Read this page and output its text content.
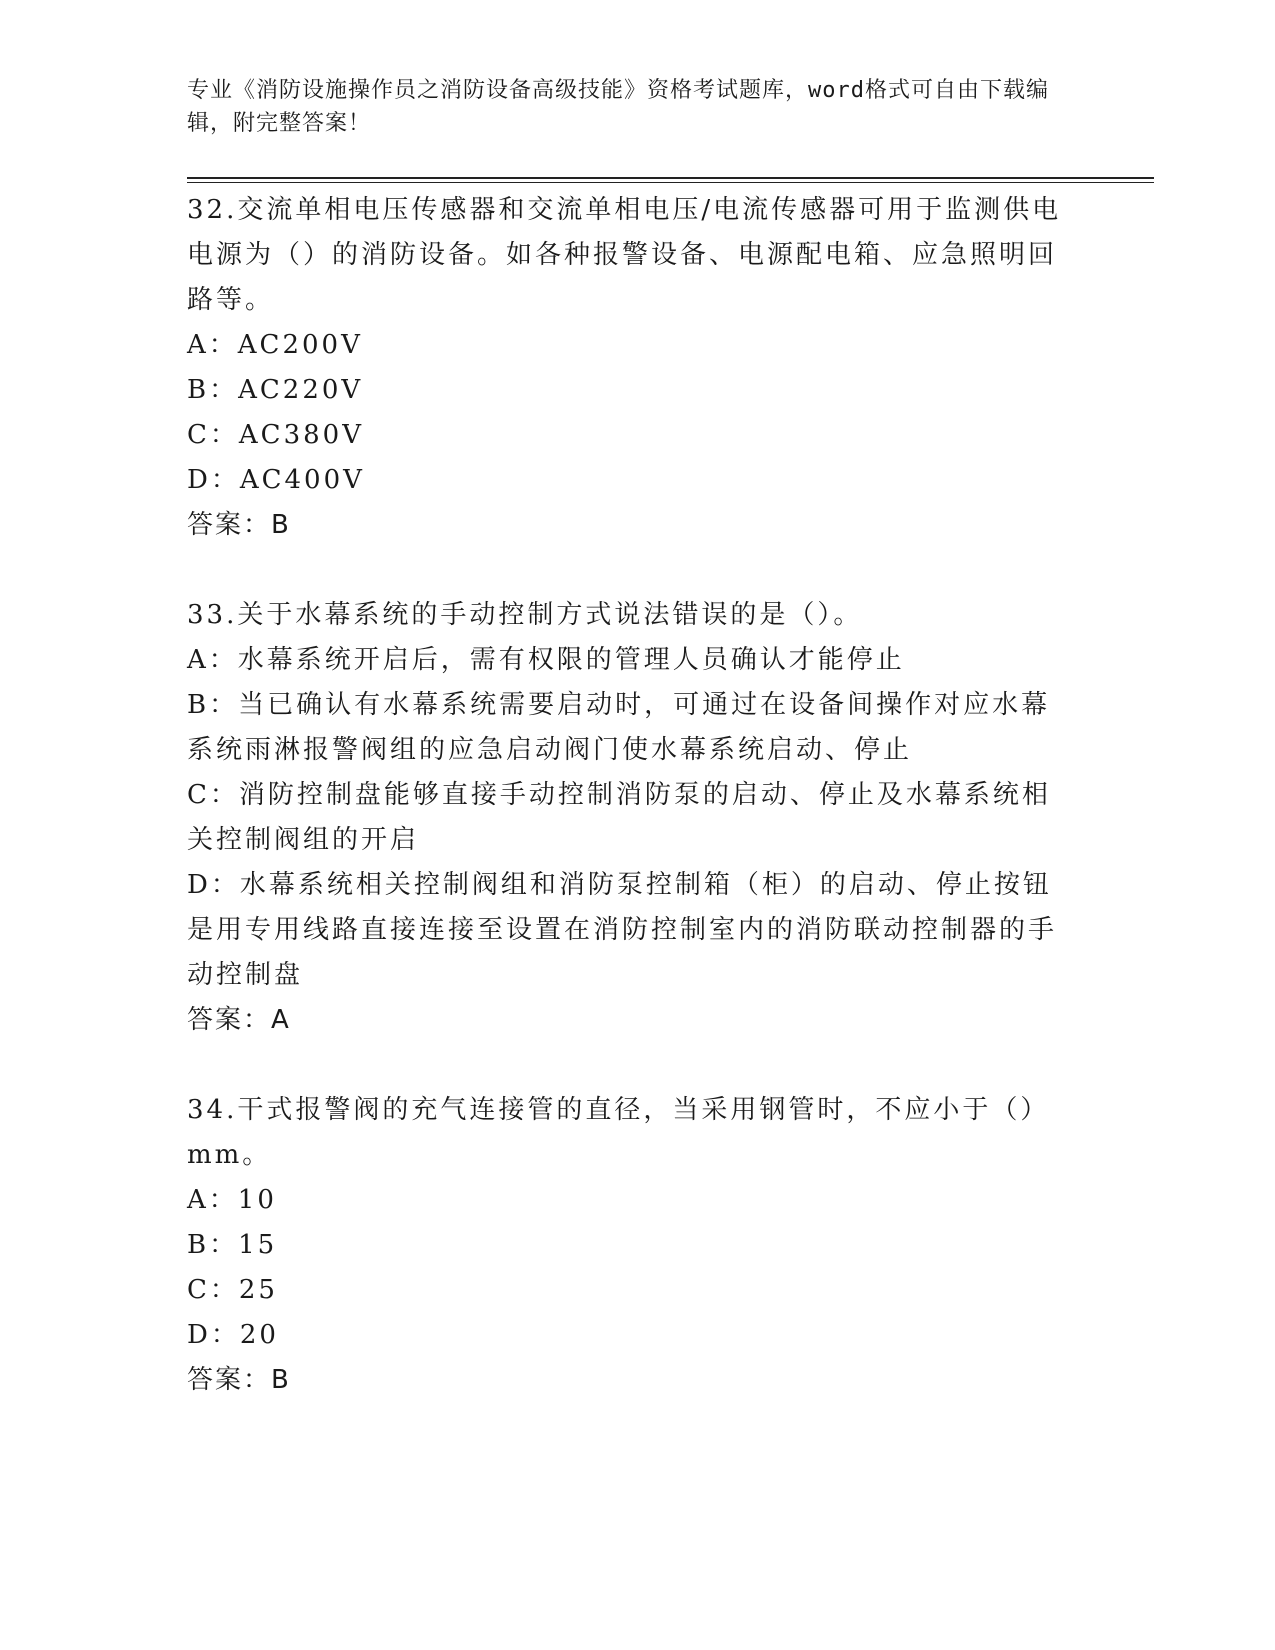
专业《消防设施操作员之消防设备高级技能》资格考试题库，word格式可自由下载编辑，附完整答案！

32.交流单相电压传感器和交流单相电压/电流传感器可用于监测供电电源为（）的消防设备。如各种报警设备、电源配电箱、应急照明回路等。

A：AC200V

B：AC220V

C：AC380V

D：AC400V

答案：B

33.关于水幕系统的手动控制方式说法错误的是（）。

A：水幕系统开启后，需有权限的管理人员确认才能停止

B：当已确认有水幕系统需要启动时，可通过在设备间操作对应水幕系统雨淋报警阀组的应急启动阀门使水幕系统启动、停止

C：消防控制盘能够直接手动控制消防泵的启动、停止及水幕系统相关控制阀组的开启

D：水幕系统相关控制阀组和消防泵控制箱（柜）的启动、停止按钮是用专用线路直接连接至设置在消防控制室内的消防联动控制器的手动控制盘

答案：A

34.干式报警阀的充气连接管的直径，当采用钢管时，不应小于（）mm。

A：10

B：15

C：25

D：20

答案：B
